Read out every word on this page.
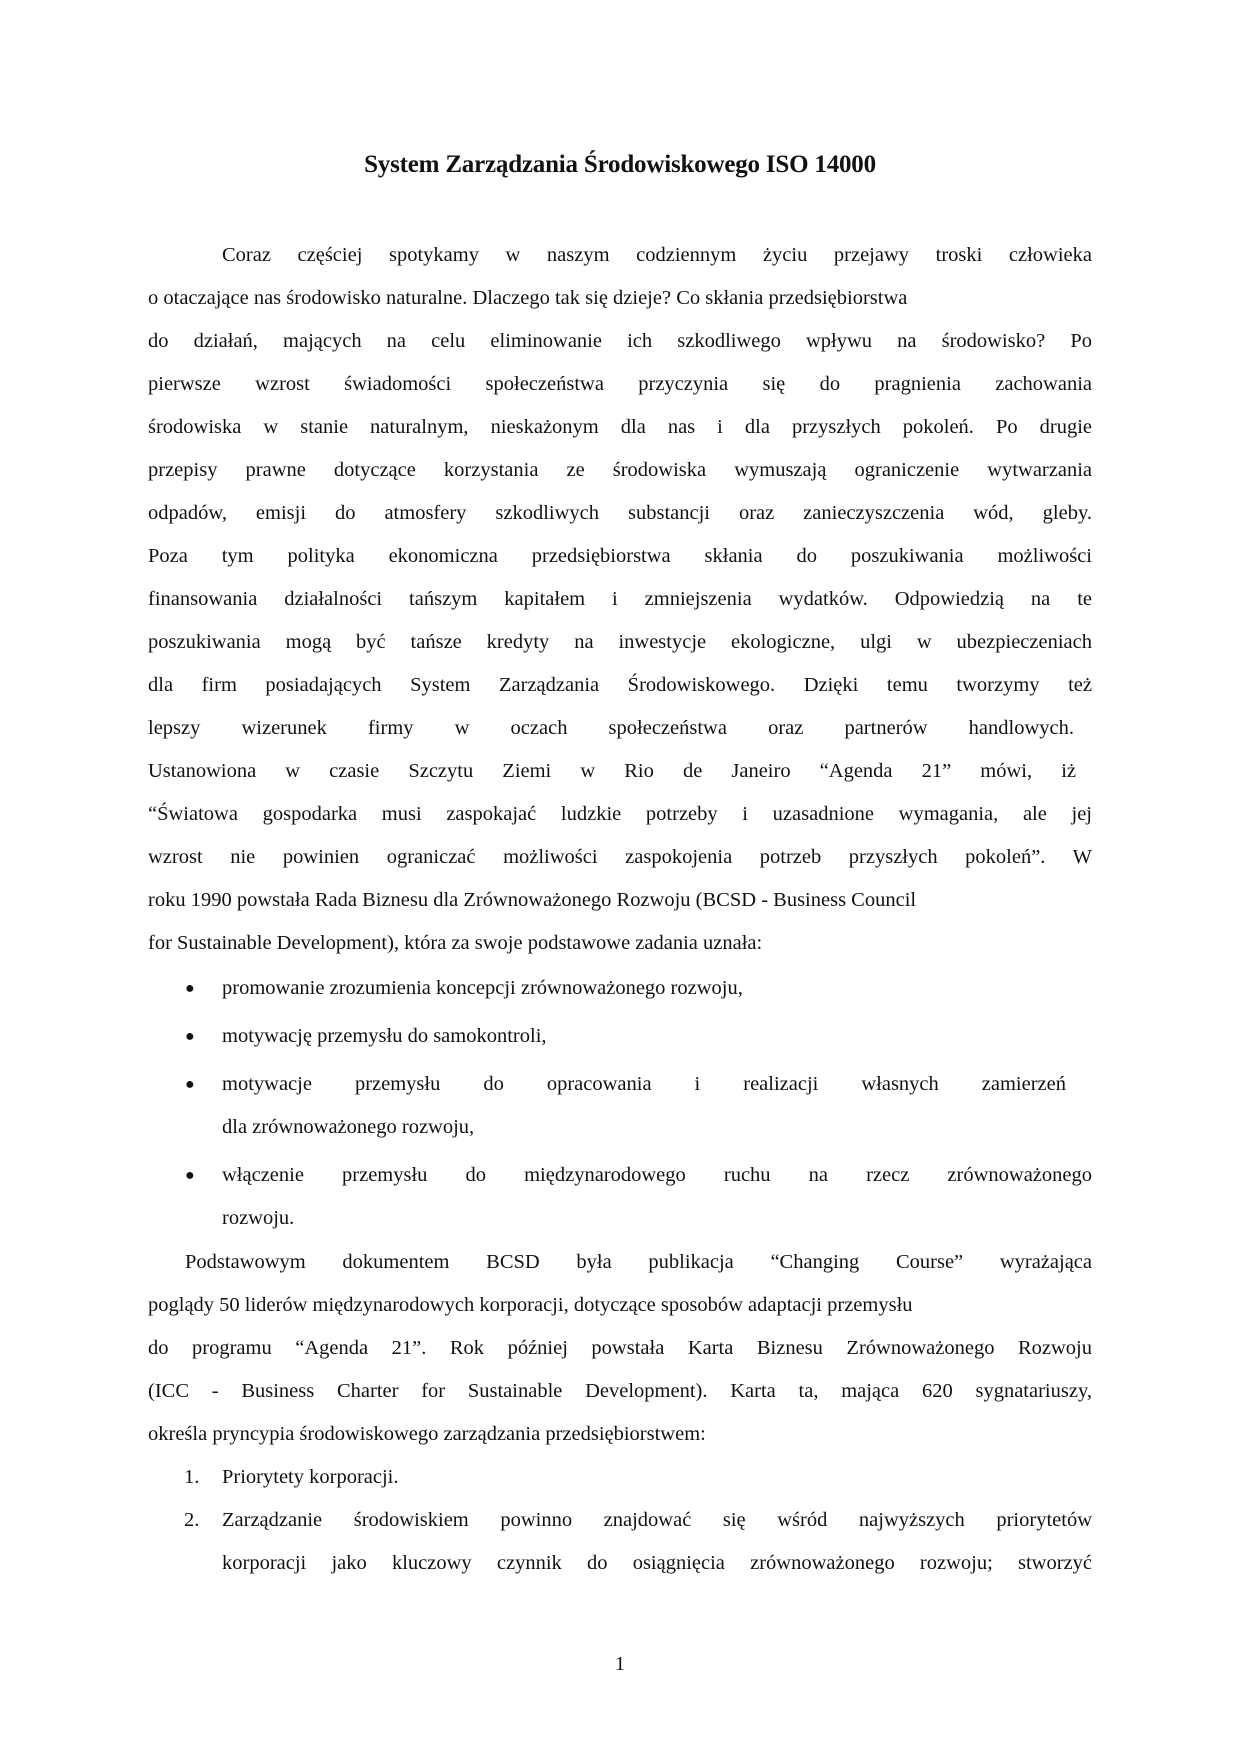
System Zarządzania Środowiskowego ISO 14000
Coraz częściej spotykamy w naszym codziennym życiu przejawy troski człowieka
o otaczające nas środowisko naturalne. Dlaczego tak się dzieje? Co skłania przedsiębiorstwa
do działań, mających na celu eliminowanie ich szkodliwego wpływu na środowisko? Po
pierwsze wzrost świadomości społeczeństwa przyczynia się do pragnienia zachowania
środowiska w stanie naturalnym, nieskażonym dla nas i dla przyszłych pokoleń. Po drugie
przepisy prawne dotyczące korzystania ze środowiska wymuszają ograniczenie wytwarzania
odpadów, emisji do atmosfery szkodliwych substancji oraz zanieczyszczenia wód, gleby.
Poza tym polityka ekonomiczna przedsiębiorstwa skłania do poszukiwania możliwości
finansowania działalności tańszym kapitałem i zmniejszenia wydatków. Odpowiedzią na te
poszukiwania mogą być tańsze kredyty na inwestycje ekologiczne, ulgi w ubezpieczeniach
dla firm posiadających System Zarządzania Środowiskowego. Dzięki temu tworzymy też
lepszy wizerunek firmy w oczach społeczeństwa oraz partnerów handlowych.
Ustanowiona w czasie Szczytu Ziemi w Rio de Janeiro “Agenda 21” mówi, iż
“Światowa gospodarka musi zaspokajać ludzkie potrzeby i uzasadnione wymagania, ale jej
wzrost nie powinien ograniczać możliwości zaspokojenia potrzeb przyszłych pokoleń”. W
roku 1990 powstała Rada Biznesu dla Zrównoważonego Rozwoju (BCSD - Business Council
for Sustainable Development), która za swoje podstawowe zadania uznała:
●	promowanie zrozumienia koncepcji zrównoważonego rozwoju,
●	motywację przemysłu do samokontroli,
●	motywacje przemysłu do opracowania i realizacji własnych zamierzeń
dla zrównoważonego rozwoju,
●	włączenie przemysłu do międzynarodowego ruchu na rzecz zrównoważonego
rozwoju.
Podstawowym dokumentem BCSD była publikacja “Changing Course” wyrażająca
poglądy 50 liderów międzynarodowych korporacji, dotyczące sposobów adaptacji przemysłu
do programu “Agenda 21”. Rok później powstała Karta Biznesu Zrównoważonego Rozwoju
(ICC - Business Charter for Sustainable Development). Karta ta, mająca 620 sygnatariuszy,
określa pryncypia środowiskowego zarządzania przedsiębiorstwem:
1.	Priorytety korporacji.
2.	Zarządzanie środowiskiem powinno znajdować się wśród najwyższych priorytetów
korporacji jako kluczowy czynnik do osiągnięcia zrównoważonego rozwoju; stworzyć
1
